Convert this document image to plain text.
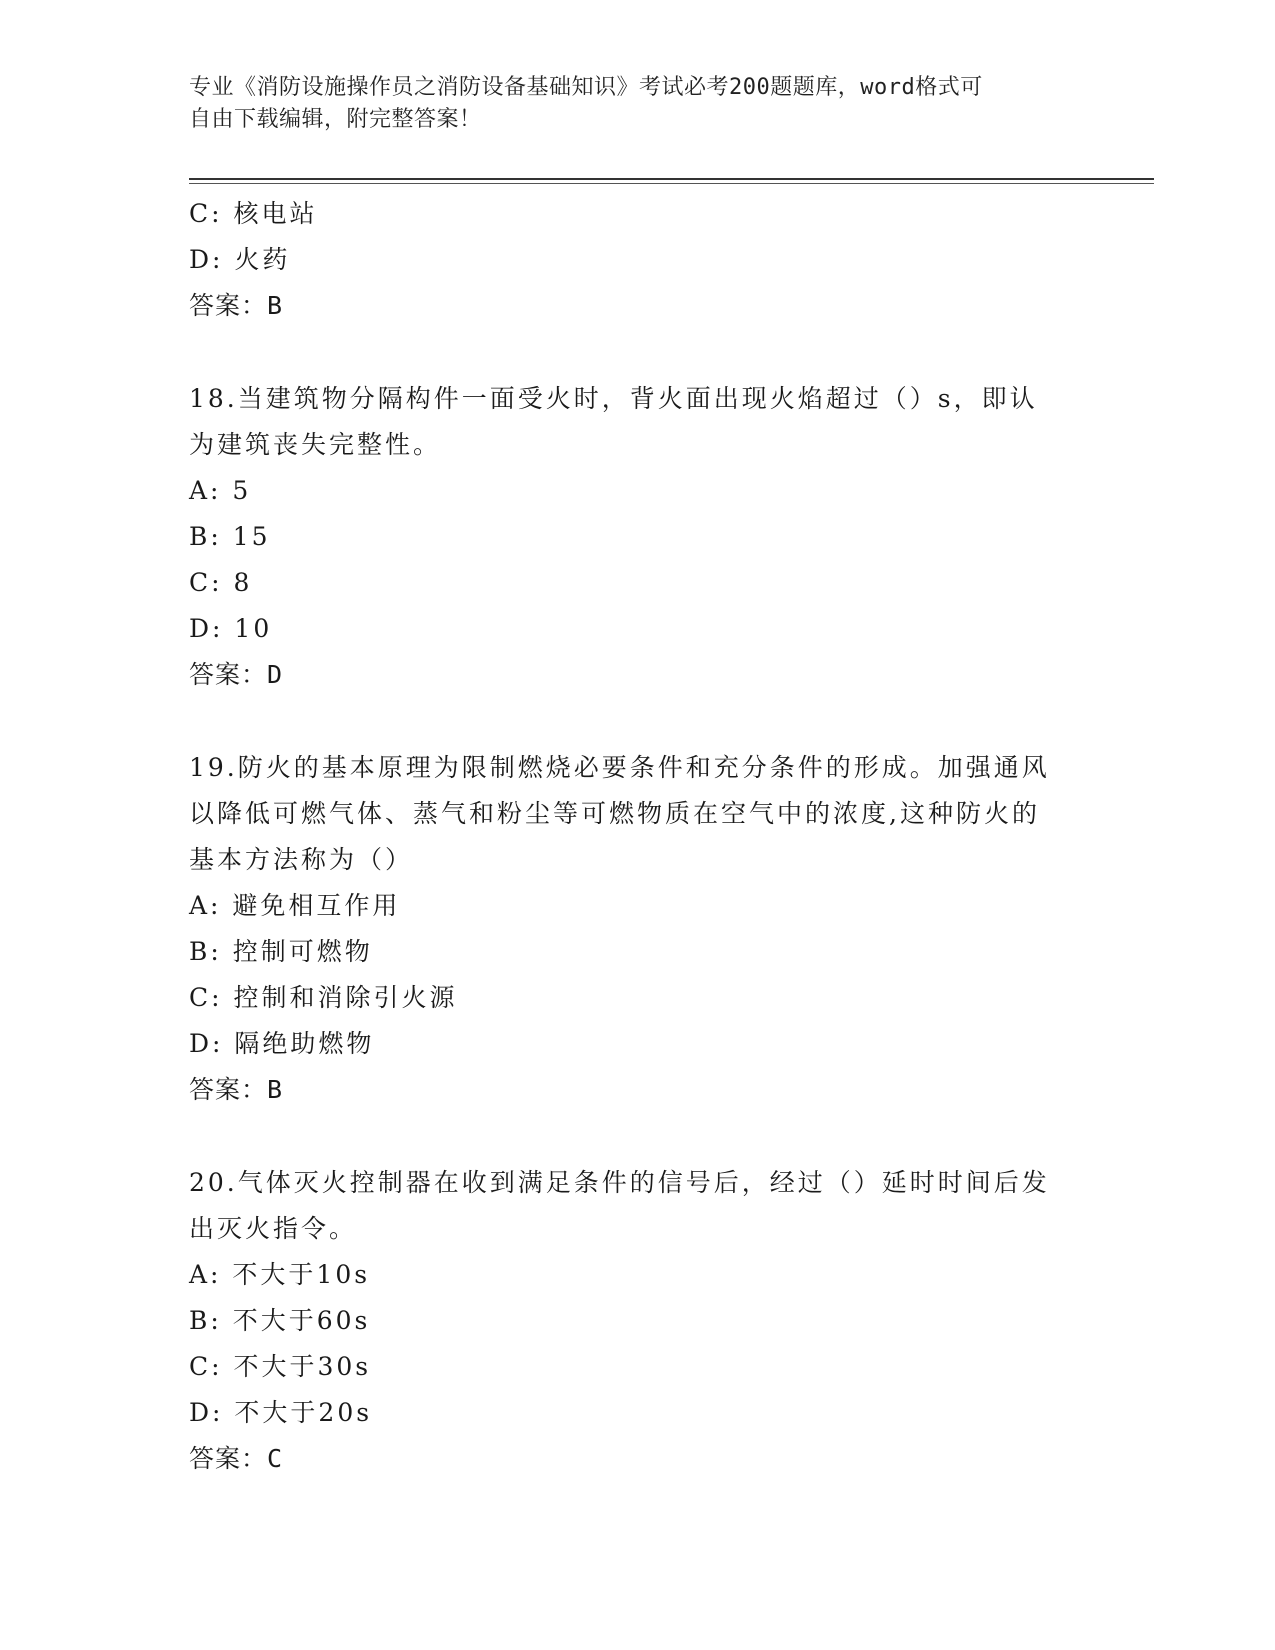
专业《消防设施操作员之消防设备基础知识》考试必考200题题库，word格式可
自由下载编辑，附完整答案！
C: 核电站
D: 火药
答案：B
18.当建筑物分隔构件一面受火时，背火面出现火焰超过（）s，即认
为建筑丧失完整性。
A: 5
B: 15
C: 8
D: 10
答案：D
19.防火的基本原理为限制燃烧必要条件和充分条件的形成。加强通风
以降低可燃气体、蒸气和粉尘等可燃物质在空气中的浓度,这种防火的
基本方法称为（）
A: 避免相互作用
B: 控制可燃物
C: 控制和消除引火源
D: 隔绝助燃物
答案：B
20.气体灭火控制器在收到满足条件的信号后，经过（）延时时间后发
出灭火指令。
A: 不大于10s
B: 不大于60s
C: 不大于30s
D: 不大于20s
答案：C
